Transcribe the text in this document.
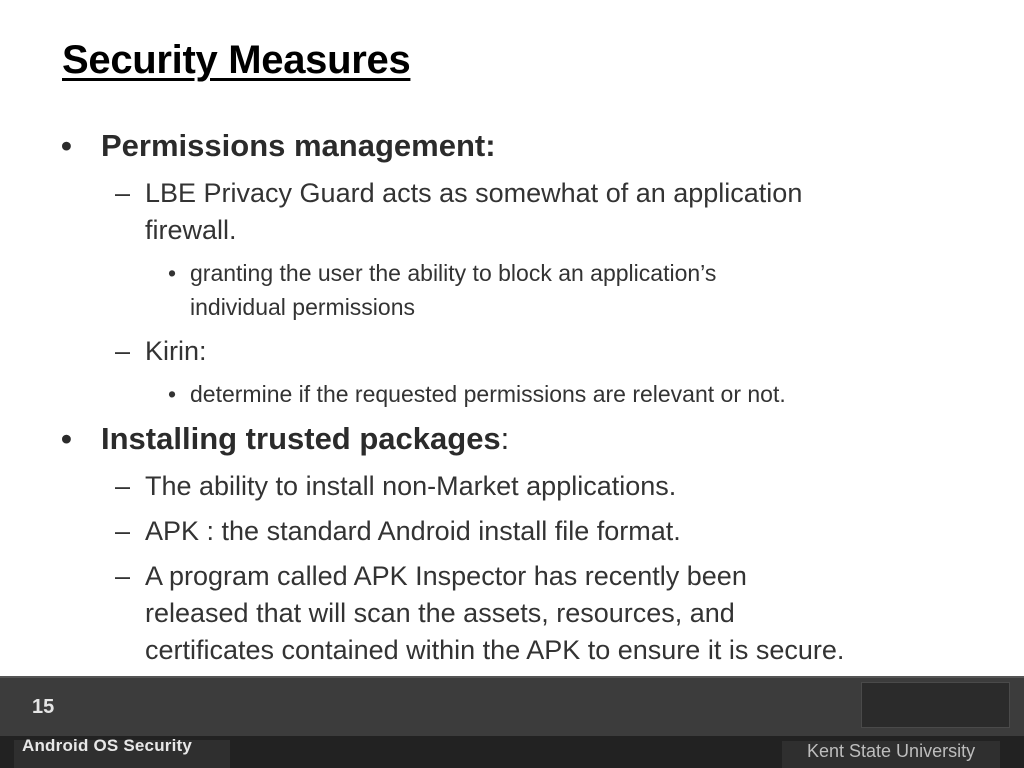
Security Measures
• Permissions management:
– LBE Privacy Guard acts as somewhat of an application
firewall.
• granting the user the ability to block an application’s
individual permissions
– Kirin:
• determine if the requested permissions are relevant or not.
• Installing trusted packages:
– The ability to install non-Market applications.
– APK : the standard Android install file format.
– A program called APK Inspector has recently been
released that will scan the assets, resources, and
certificates contained within the APK to ensure it is secure.
15
Android OS Security	Kent State University
